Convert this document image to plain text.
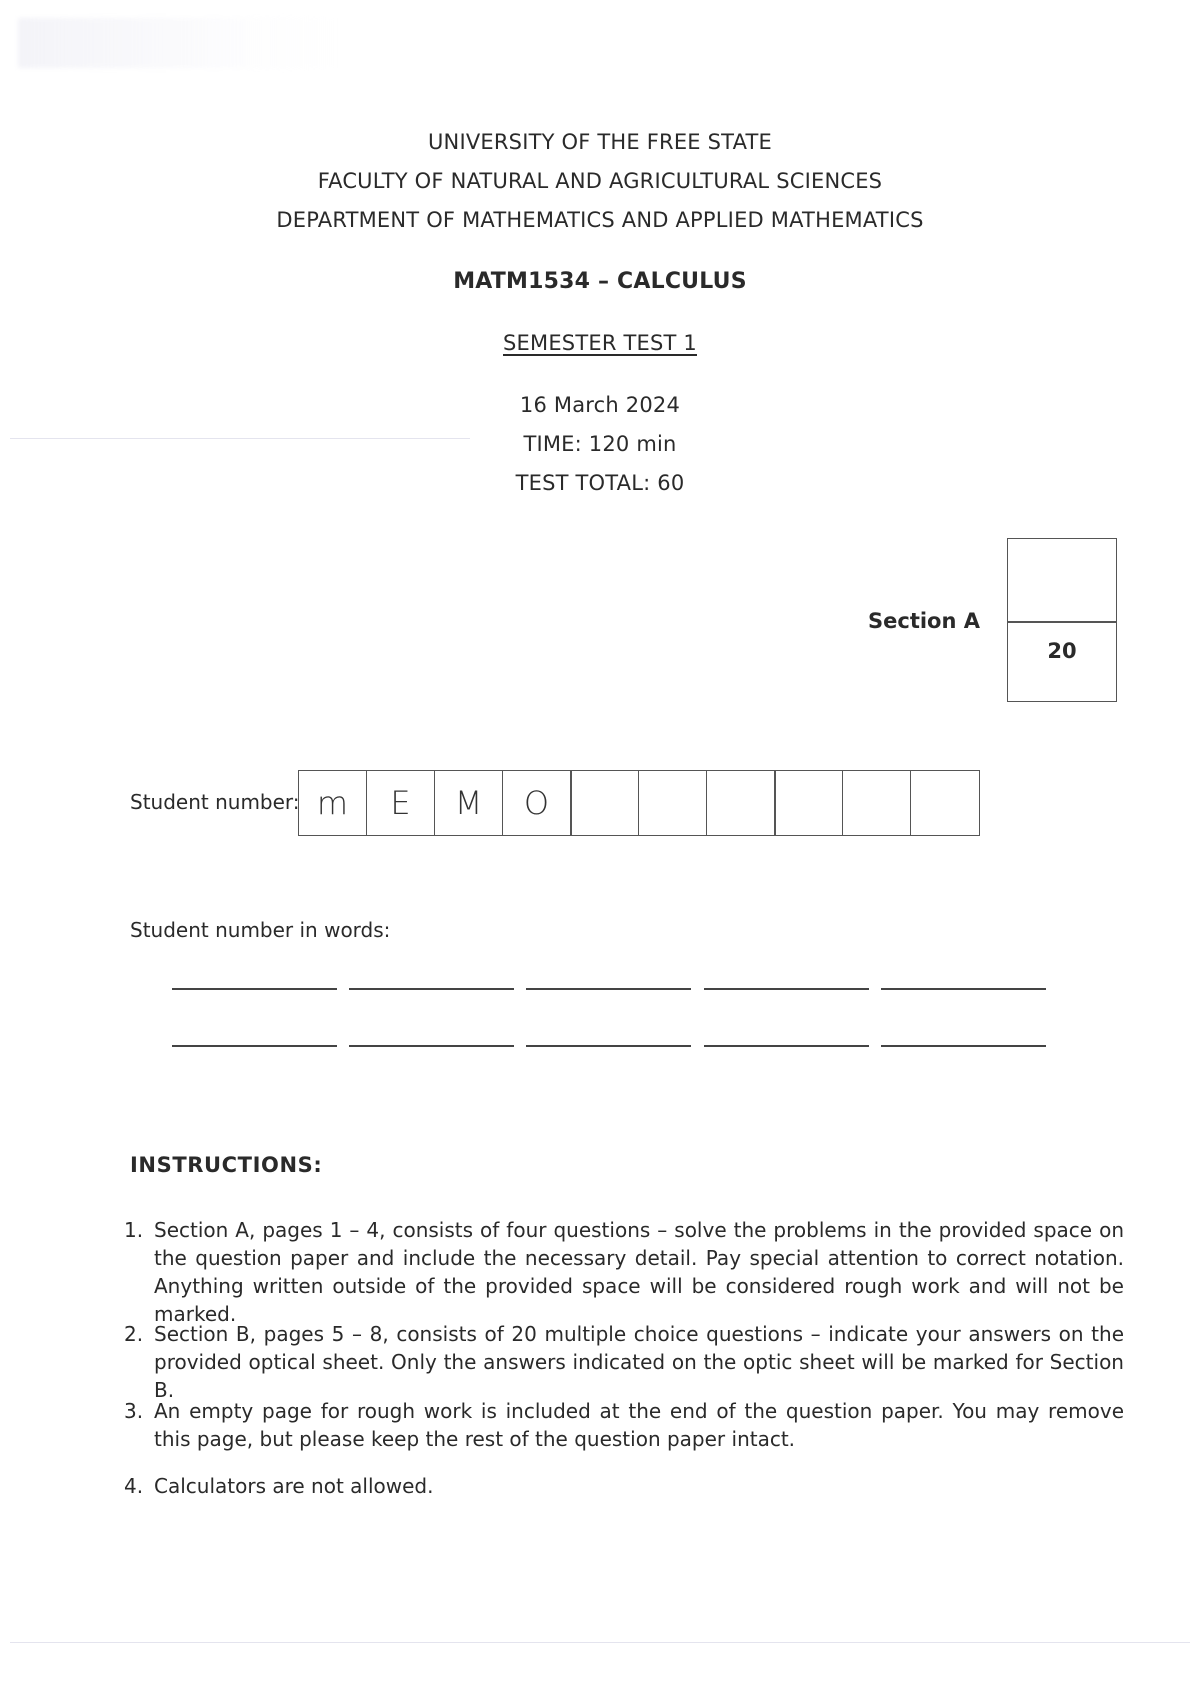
UNIVERSITY OF THE FREE STATE
FACULTY OF NATURAL AND AGRICULTURAL SCIENCES
DEPARTMENT OF MATHEMATICS AND APPLIED MATHEMATICS
MATM1534 – CALCULUS
SEMESTER TEST 1
16 March 2024
TIME: 120 min
TEST TOTAL: 60
Section A
20
Student number: m	E	M	O
Student number in words:
INSTRUCTIONS:
1. Section A, pages 1 – 4, consists of four questions – solve the problems in the provided space on the question paper and include the necessary detail. Pay special attention to correct notation. Anything written outside of the provided space will be considered rough work and will not be marked.
2. Section B, pages 5 – 8, consists of 20 multiple choice questions – indicate your answers on the provided optical sheet. Only the answers indicated on the optic sheet will be marked for Section B.
3. An empty page for rough work is included at the end of the question paper. You may remove this page, but please keep the rest of the question paper intact.
4. Calculators are not allowed.
